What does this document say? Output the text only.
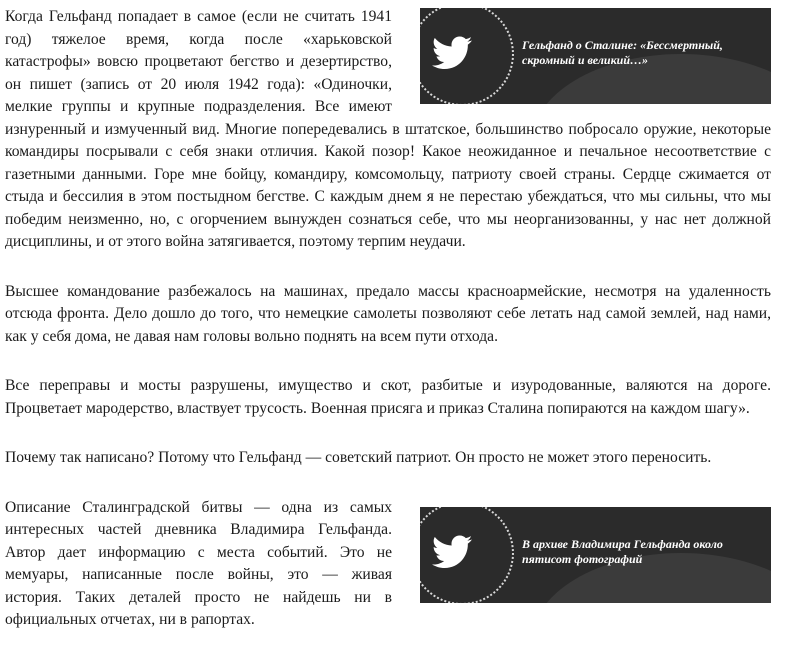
Гельфанд о Сталине: «Бессмертный, скромный и великий…»

Когда Гельфанд попадает в самое (если не считать 1941 год) тяжелое время, когда после «харьковской катастрофы» вовсю процветают бегство и дезертирство, он пишет (запись от 20 июля 1942 года): «Одиночки, мелкие группы и крупные подразделения. Все имеют изнуренный и измученный вид. Многие попередевались в штатское, большинство побросало оружие, некоторые командиры посрывали с себя знаки отличия. Какой позор! Какое неожиданное и печальное несоответствие с газетными данными. Горе мне бойцу, командиру, комсомольцу, патриоту своей страны. Сердце сжимается от стыда и бессилия в этом постыдном бегстве. С каждым днем я не перестаю убеждаться, что мы сильны, что мы победим неизменно, но, с огорчением вынужден сознаться себе, что мы неорганизованны, у нас нет должной дисциплины, и от этого война затягивается, поэтому терпим неудачи.

Высшее командование разбежалось на машинах, предало массы красноармейские, несмотря на удаленность отсюда фронта. Дело дошло до того, что немецкие самолеты позволяют себе летать над самой землей, над нами, как у себя дома, не давая нам головы вольно поднять на всем пути отхода.

Все переправы и мосты разрушены, имущество и скот, разбитые и изуродованные, валяются на дороге. Процветает мародерство, властвует трусость. Военная присяга и приказ Сталина попираются на каждом шагу».

Почему так написано? Потому что Гельфанд — советский патриот. Он просто не может этого переносить.

В архиве Владимира Гельфанда около пятисот фотографий

Описание Сталинградской битвы — одна из самых интересных частей дневника Владимира Гельфанда. Автор дает информацию с места событий. Это не мемуары, написанные после войны, это — живая история. Таких деталей просто не найдешь ни в официальных отчетах, ни в рапортах.
